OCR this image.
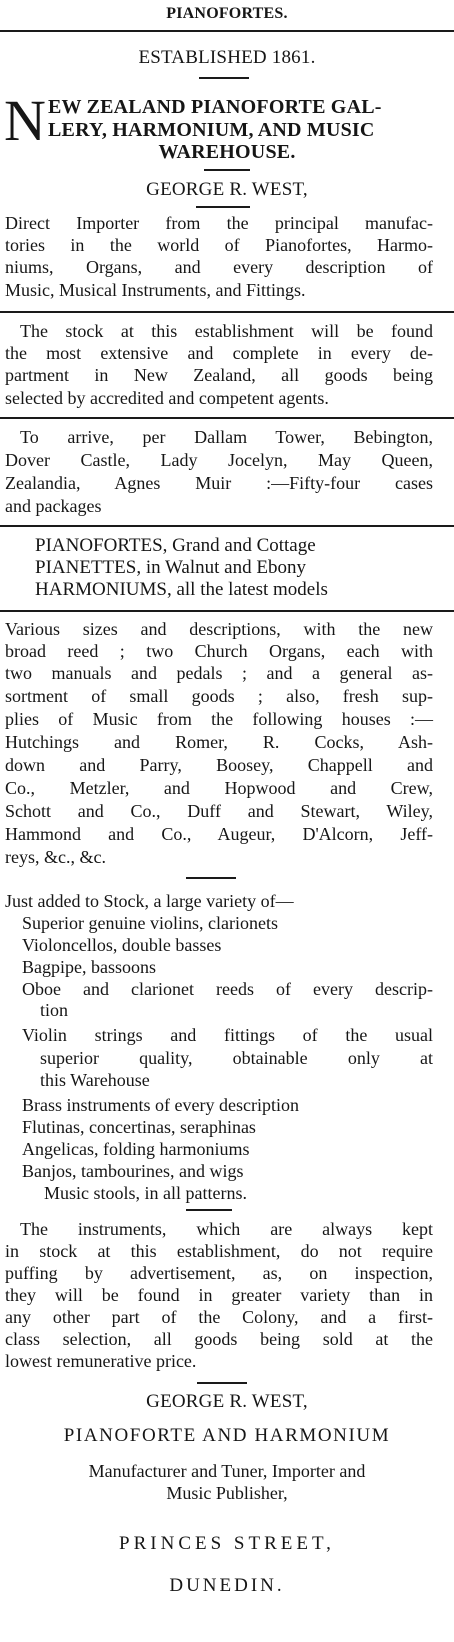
PIANOFORTES.
ESTABLISHED 1861.
N EW ZEALAND PIANOFORTE GAL-
LERY, HARMONIUM, AND MUSIC
WAREHOUSE.
GEORGE R. WEST,
Direct Importer from the principal manufac-
tories in the world of Pianofortes, Harmo-
niums, Organs, and every description of
Music, Musical Instruments, and Fittings.
The stock at this establishment will be found
the most extensive and complete in every de-
partment in New Zealand, all goods being
selected by accredited and competent agents.
To arrive, per Dallam Tower, Bebington,
Dover Castle, Lady Jocelyn, May Queen,
Zealandia, Agnes Muir :—Fifty-four cases
and packages
PIANOFORTES, Grand and Cottage
PIANETTES, in Walnut and Ebony
HARMONIUMS, all the latest models
Various sizes and descriptions, with the new
broad reed ; two Church Organs, each with
two manuals and pedals ; and a general as-
sortment of small goods ; also, fresh sup-
plies of Music from the following houses :—
Hutchings and Romer, R. Cocks, Ash-
down and Parry, Boosey, Chappell and
Co., Metzler, and Hopwood and Crew,
Schott and Co., Duff and Stewart, Wiley,
Hammond and Co., Augeur, D'Alcorn, Jeff-
reys, &c., &c.
Just added to Stock, a large variety of—
Superior genuine violins, clarionets
Violoncellos, double basses
Bagpipe, bassoons
Oboe and clarionet reeds of every descrip-
tion
Violin strings and fittings of the usual
superior quality, obtainable only at
this Warehouse
Brass instruments of every description
Flutinas, concertinas, seraphinas
Angelicas, folding harmoniums
Banjos, tambourines, and wigs
Music stools, in all patterns.
The instruments, which are always kept
in stock at this establishment, do not require
puffing by advertisement, as, on inspection,
they will be found in greater variety than in
any other part of the Colony, and a first-
class selection, all goods being sold at the
lowest remunerative price.
GEORGE R. WEST,
PIANOFORTE AND HARMONIUM
Manufacturer and Tuner, Importer and
Music Publisher,
PRINCES STREET,
DUNEDIN.
